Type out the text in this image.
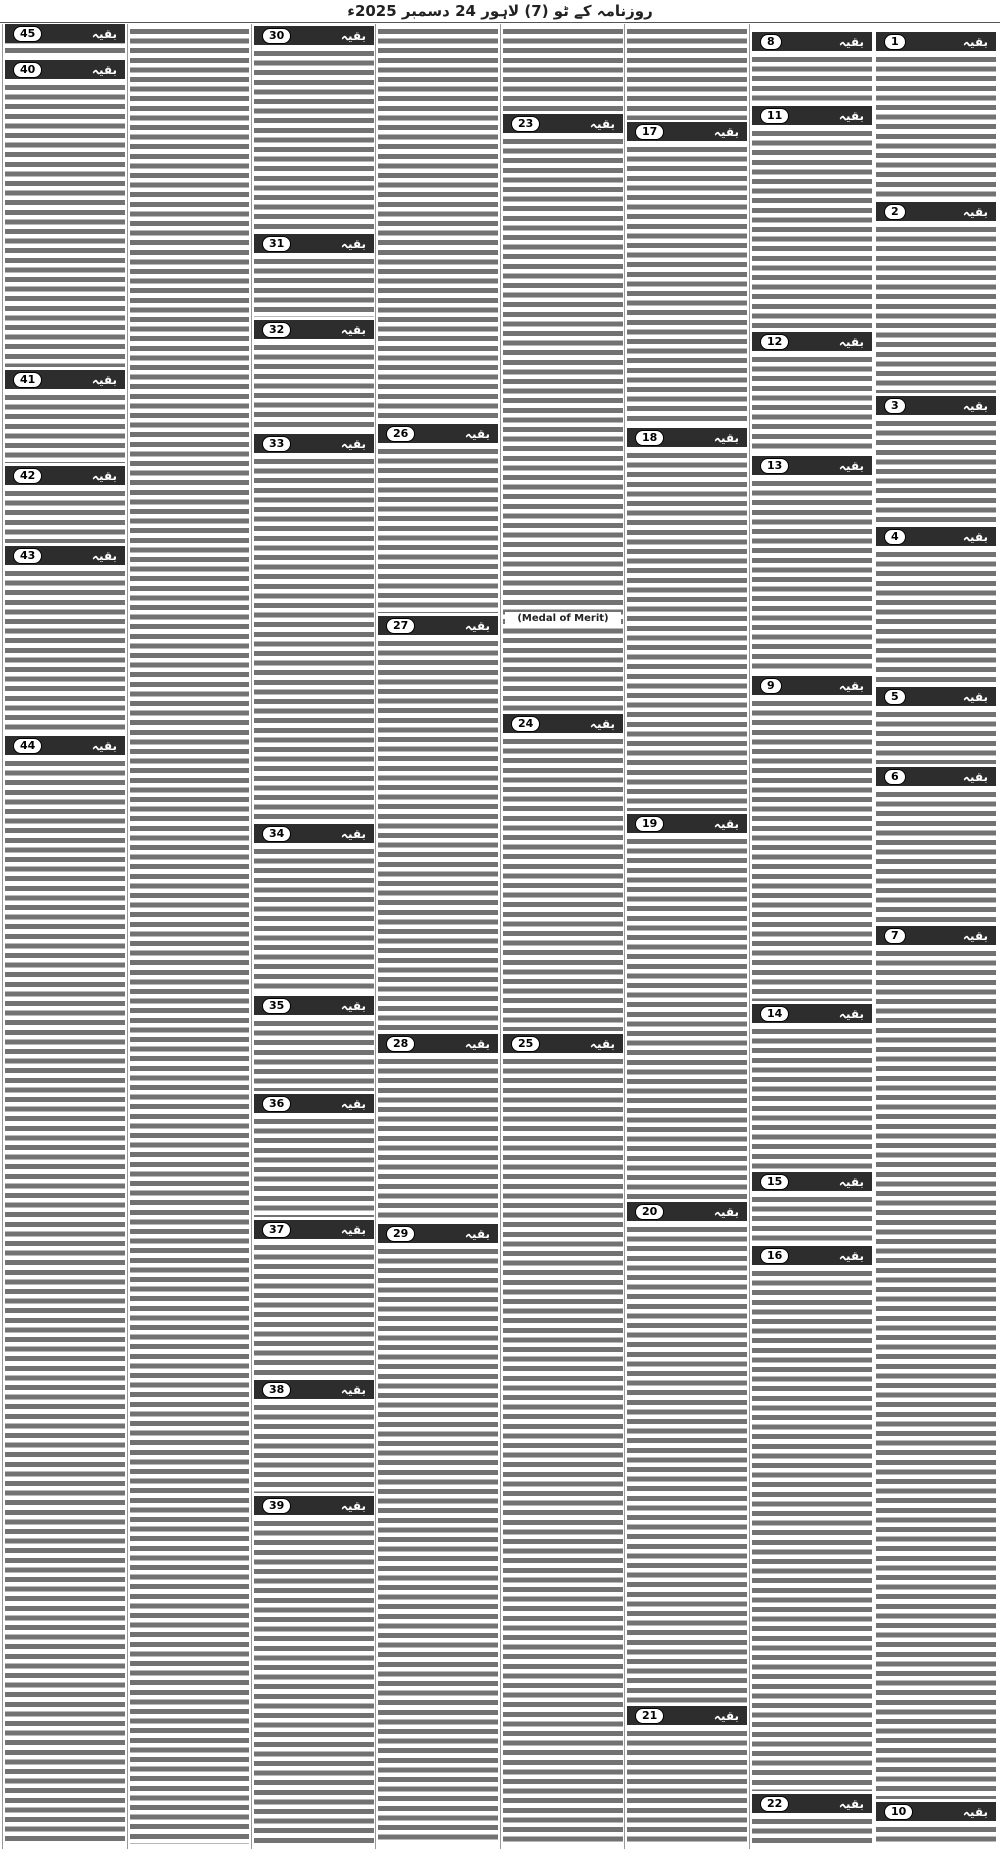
روزنامہ کے ٹو (7) لاہور 24 دسمبر 2025ء
1	بقیہ
2	بقیہ
3	بقیہ
4	بقیہ
5	بقیہ
6	بقیہ
7	بقیہ
10	بقیہ
8	بقیہ
11	بقیہ
12	بقیہ
13	بقیہ
9	بقیہ
14	بقیہ
15	بقیہ
16	بقیہ
22	بقیہ
17	بقیہ
18	بقیہ
19	بقیہ
20	بقیہ
21	بقیہ
23	بقیہ
24	بقیہ
25	بقیہ
(Medal of Merit)
26	بقیہ
27	بقیہ
28	بقیہ
29	بقیہ
30	بقیہ
31	بقیہ
32	بقیہ
33	بقیہ
34	بقیہ
35	بقیہ
36	بقیہ
37	بقیہ
38	بقیہ
39	بقیہ
40	بقیہ
41	بقیہ
42	بقیہ
43	بقیہ
44	بقیہ
45	بقیہ
